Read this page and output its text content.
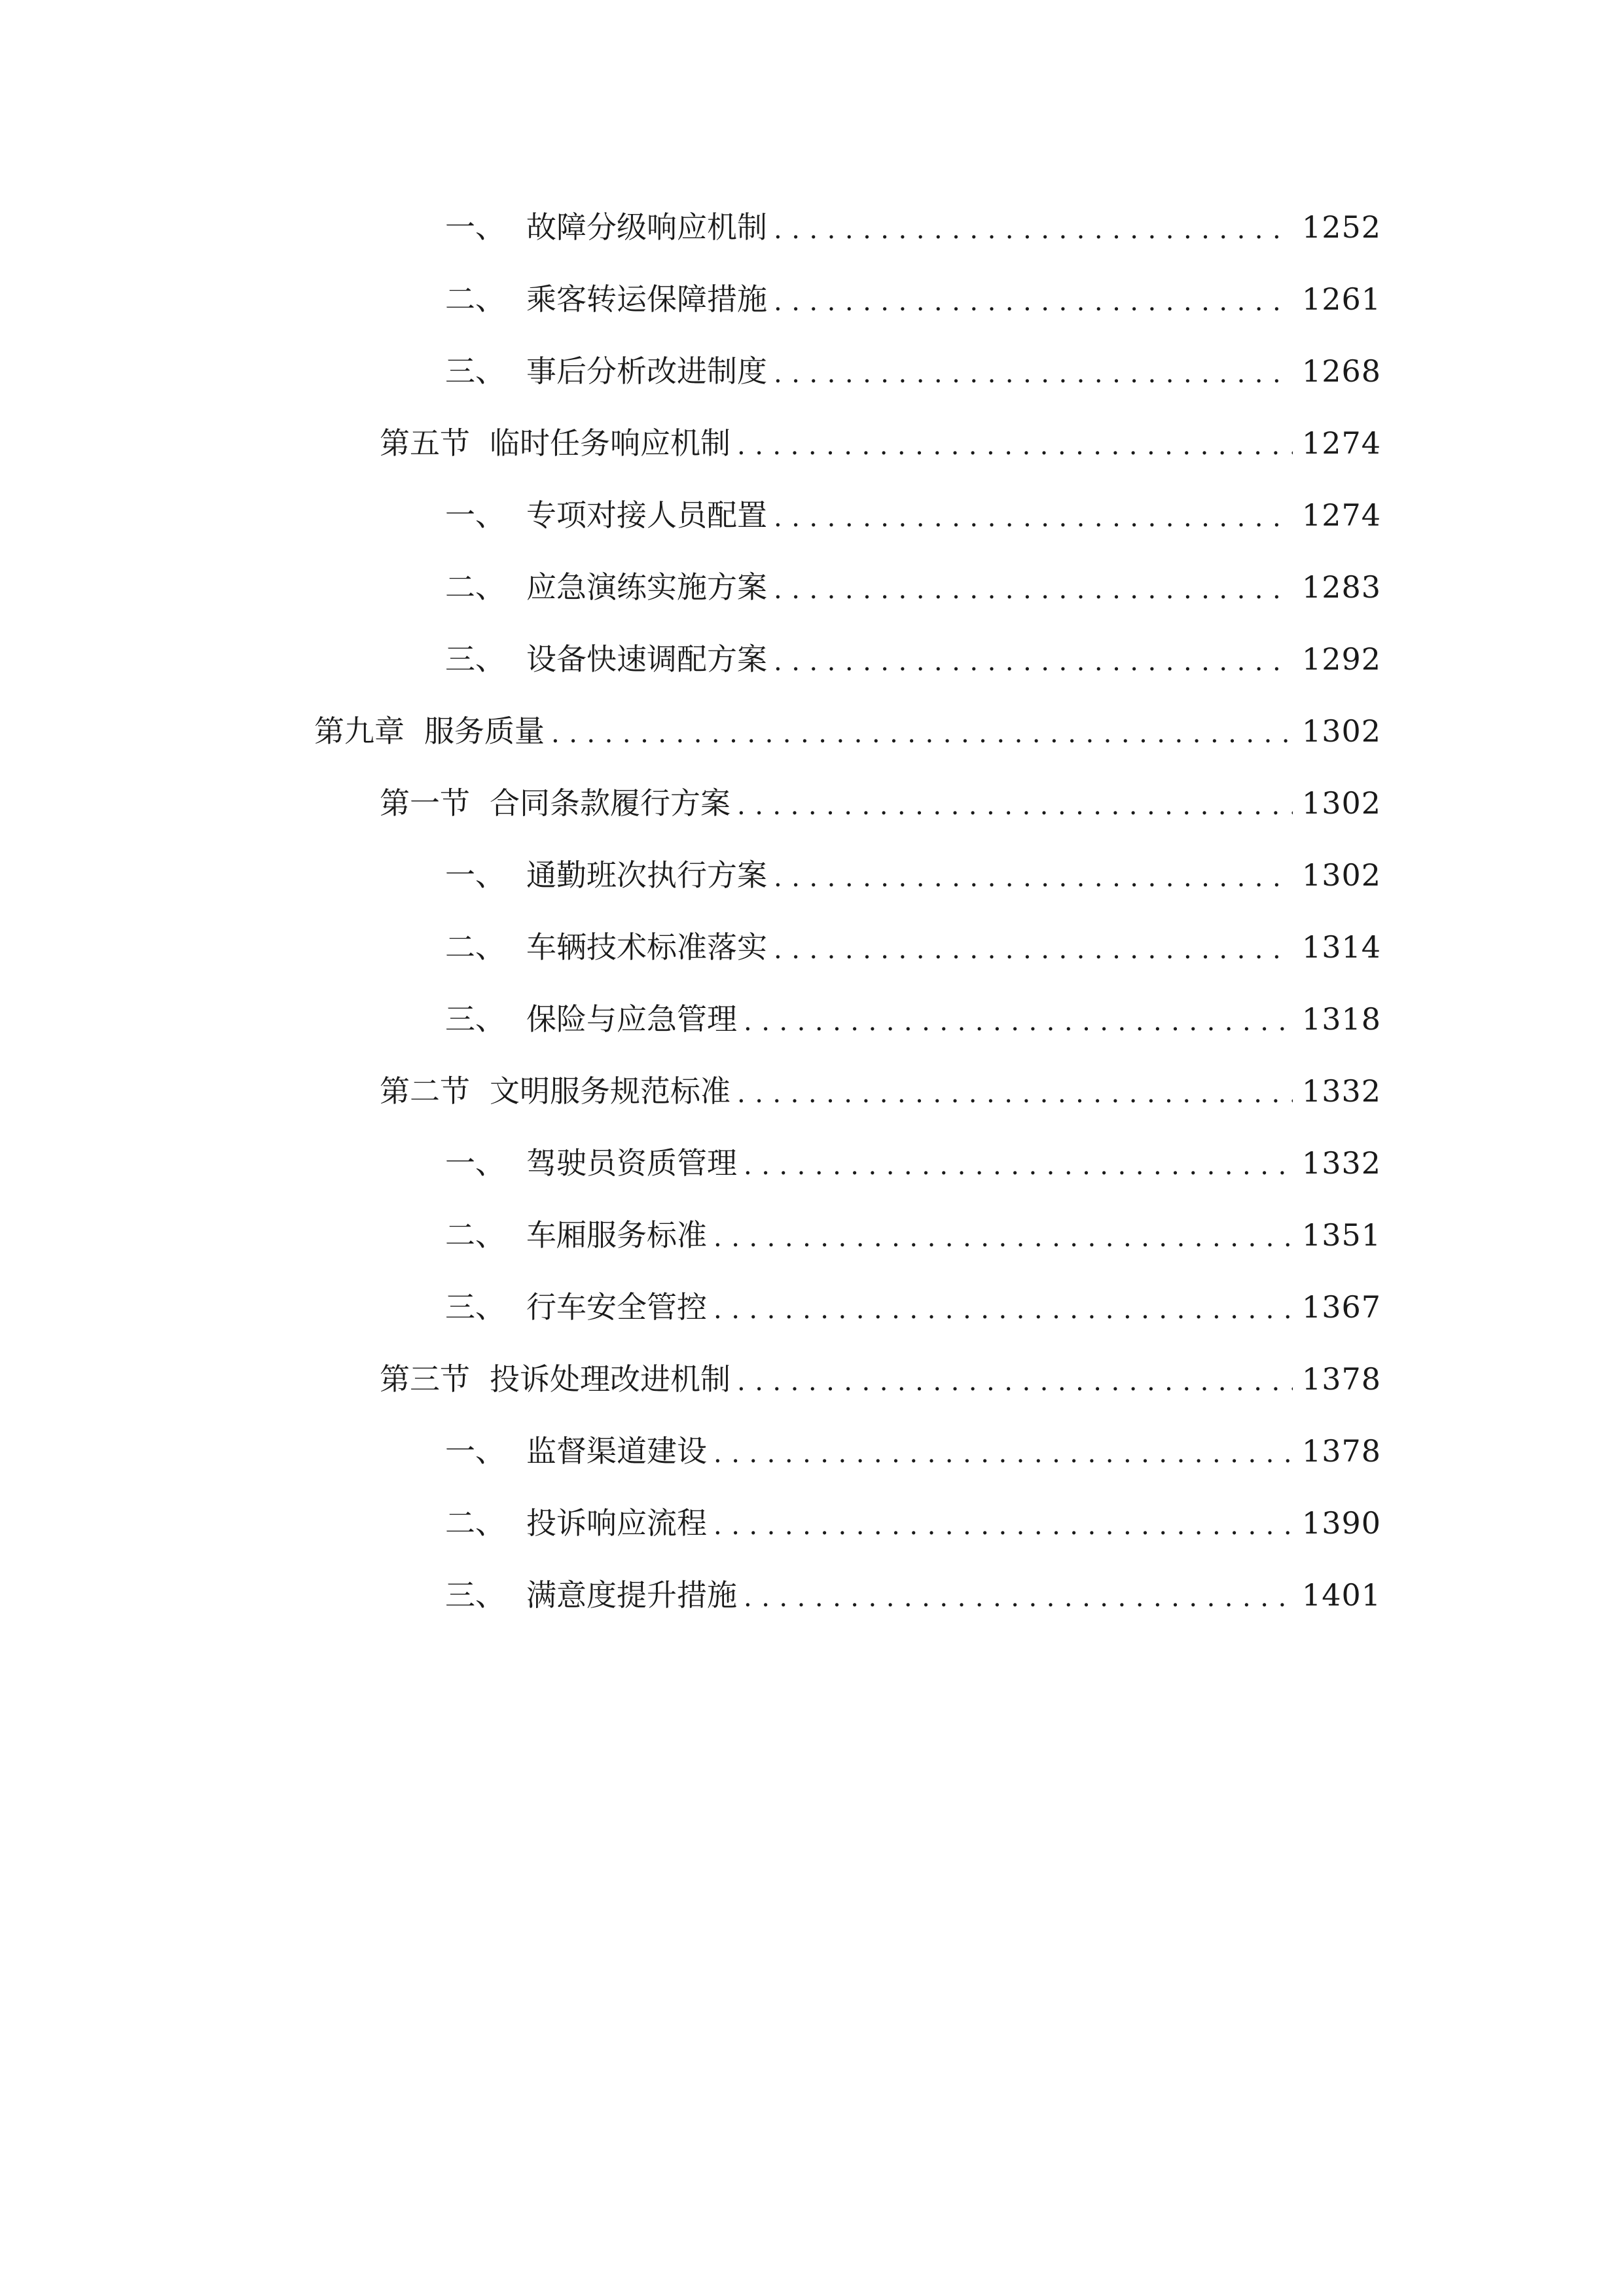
一、 故障分级响应机制 .....	1252
二、 乘客转运保障措施 .....	1261
三、 事后分析改进制度 .....	1268
第五节 临时任务响应机制 .....	1274
一、 专项对接人员配置 .....	1274
二、 应急演练实施方案 .....	1283
三、 设备快速调配方案 .....	1292
第九章 服务质量 .....	1302
第一节 合同条款履行方案 .....	1302
一、 通勤班次执行方案 .....	1302
二、 车辆技术标准落实 .....	1314
三、 保险与应急管理 .....	1318
第二节 文明服务规范标准 .....	1332
一、 驾驶员资质管理 .....	1332
二、 车厢服务标准 .....	1351
三、 行车安全管控 .....	1367
第三节 投诉处理改进机制 .....	1378
一、 监督渠道建设 .....	1378
二、 投诉响应流程 .....	1390
三、 满意度提升措施 .....	1401
